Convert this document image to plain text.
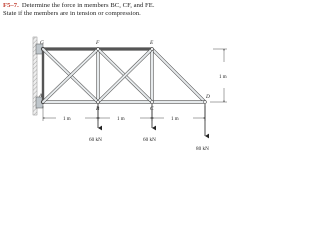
F5–7. Determine the force in members BC, CF, and FE.
State if the members are in tension or compression.
G	F	E
A
B	C
D
1 m	1 m	1 m
1 m
60 kN	60 kN
80 kN
